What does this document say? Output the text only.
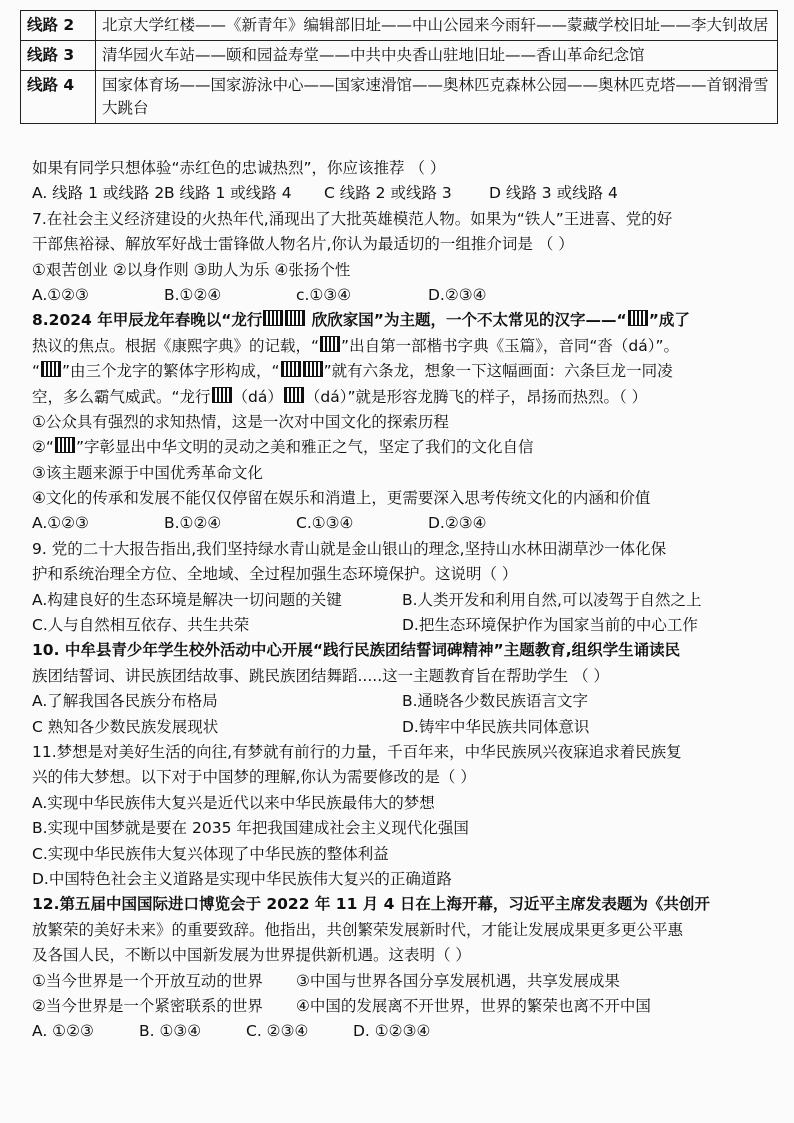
线路 2	北京大学红楼——《新青年》编辑部旧址——中山公园来今雨轩——蒙藏学校旧址——李大钊故居
线路 3	清华园火车站——颐和园益寿堂——中共中央香山驻地旧址——香山革命纪念馆
线路 4	国家体育场——国家游泳中心——国家速滑馆——奥林匹克森林公园——奥林匹克塔——首钢滑雪大跳台
如果有同学只想体验“赤红色的忠诚热烈”，你应该推荐 （ ）
A. 线路 1 或线路 2 B 线路 1 或线路 4	C 线路 2 或线路 3	D 线路 3 或线路 4
7.在社会主义经济建设的火热年代,涌现出了大批英雄模范人物。如果为“铁人”王进喜、党的好
干部焦裕禄、解放军好战士雷锋做人物名片,你认为最适切的一组推介词是 （ ）
①艰苦创业 ②以身作则 ③助人为乐 ④张扬个性
A.①②③	B.①②④	c.①③④	D.②③④
8.2024 年甲辰龙年春晚以“龙行	欣欣家国”为主题，一个不太常见的汉字——“ ”成了
热议的焦点。根据《康熙字典》的记载，“ ”出自第一部楷书字典《玉篇》，音同“沓（dá）”。
“ ”由三个龙字的繁体字形构成，“	”就有六条龙，想象一下这幅画面：六条巨龙一同凌
空，多么霸气威武。“龙行 （dá） （dá）”就是形容龙腾飞的样子，昂扬而热烈。（ ）
①公众具有强烈的求知热情，这是一次对中国文化的探索历程
②“ ”字彰显出中华文明的灵动之美和雅正之气，坚定了我们的文化自信
③该主题来源于中国优秀革命文化
④文化的传承和发展不能仅仅停留在娱乐和消遣上，更需要深入思考传统文化的内涵和价值
A.①②③	B.①②④	C.①③④	D.②③④
9. 党的二十大报告指出,我们坚持绿水青山就是金山银山的理念,坚持山水林田湖草沙一体化保
护和系统治理全方位、全地域、全过程加强生态环境保护。这说明（ ）
A.构建良好的生态环境是解决一切问题的关键	B.人类开发和利用自然,可以凌驾于自然之上
C.人与自然相互依存、共生共荣	D.把生态环境保护作为国家当前的中心工作
10. 中牟县青少年学生校外活动中心开展“践行民族团结誓词碑精神”主题教育,组织学生诵读民
族团结誓词、讲民族团结故事、跳民族团结舞蹈.....这一主题教育旨在帮助学生 （ ）
A.了解我国各民族分布格局	B.通晓各少数民族语言文字
C 熟知各少数民族发展现状	D.铸牢中华民族共同体意识
11.梦想是对美好生活的向往,有梦就有前行的力量，千百年来，中华民族夙兴夜寐追求着民族复
兴的伟大梦想。以下对于中国梦的理解,你认为需要修改的是（ ）
A.实现中华民族伟大复兴是近代以来中华民族最伟大的梦想
B.实现中国梦就是要在 2035 年把我国建成社会主义现代化强国
C.实现中华民族伟大复兴体现了中华民族的整体利益
D.中国特色社会主义道路是实现中华民族伟大复兴的正确道路
12.第五届中国国际进口博览会于 2022 年 11 月 4 日在上海开幕，习近平主席发表题为《共创开
放繁荣的美好未来》的重要致辞。他指出，共创繁荣发展新时代，才能让发展成果更多更公平惠
及各国人民，不断以中国新发展为世界提供新机遇。这表明（ ）
①当今世界是一个开放互动的世界	③中国与世界各国分享发展机遇，共享发展成果
②当今世界是一个紧密联系的世界	④中国的发展离不开世界，世界的繁荣也离不开中国
A. ①②③	B. ①③④	C. ②③④	D. ①②③④
